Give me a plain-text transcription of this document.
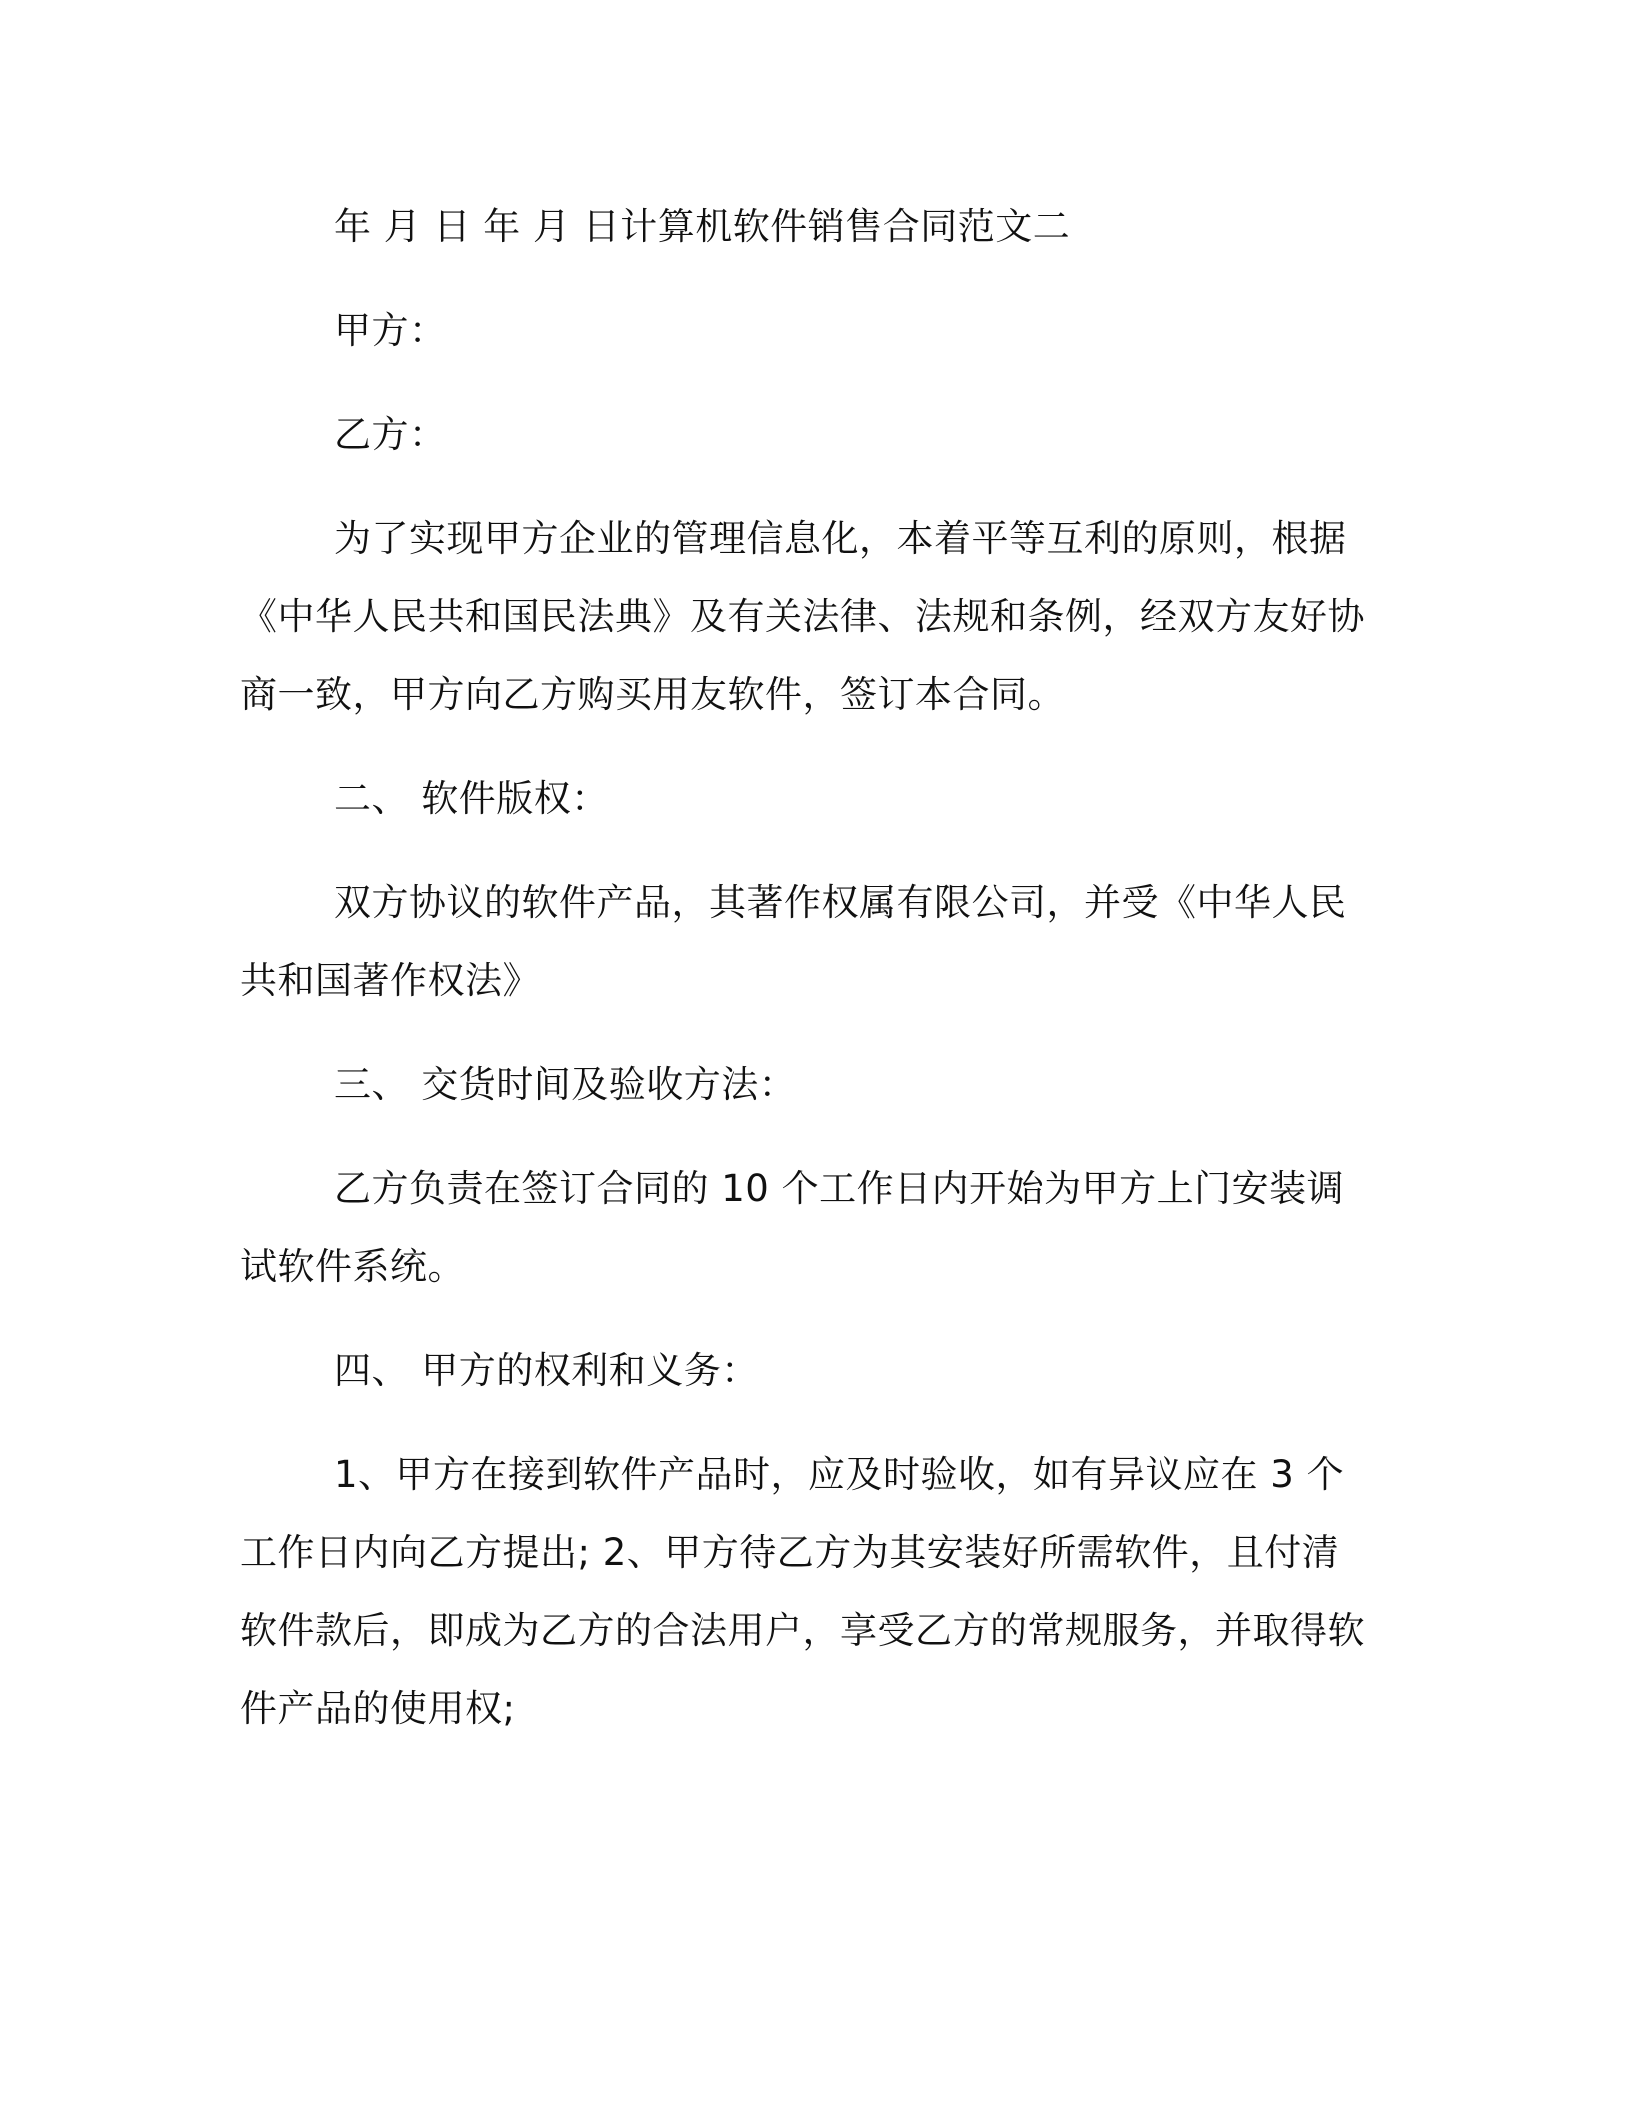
年 月 日 年 月 日计算机软件销售合同范文二

甲方：

乙方：

为了实现甲方企业的管理信息化，本着平等互利的原则，根据《中华人民共和国民法典》及有关法律、法规和条例，经双方友好协商一致，甲方向乙方购买用友软件，签订本合同。

二、 软件版权：

双方协议的软件产品，其著作权属有限公司，并受《中华人民共和国著作权法》

三、 交货时间及验收方法：

乙方负责在签订合同的 10 个工作日内开始为甲方上门安装调试软件系统。

四、 甲方的权利和义务：

1、甲方在接到软件产品时，应及时验收，如有异议应在 3 个工作日内向乙方提出; 2、甲方待乙方为其安装好所需软件，且付清软件款后，即成为乙方的合法用户，享受乙方的常规服务，并取得软件产品的使用权;
